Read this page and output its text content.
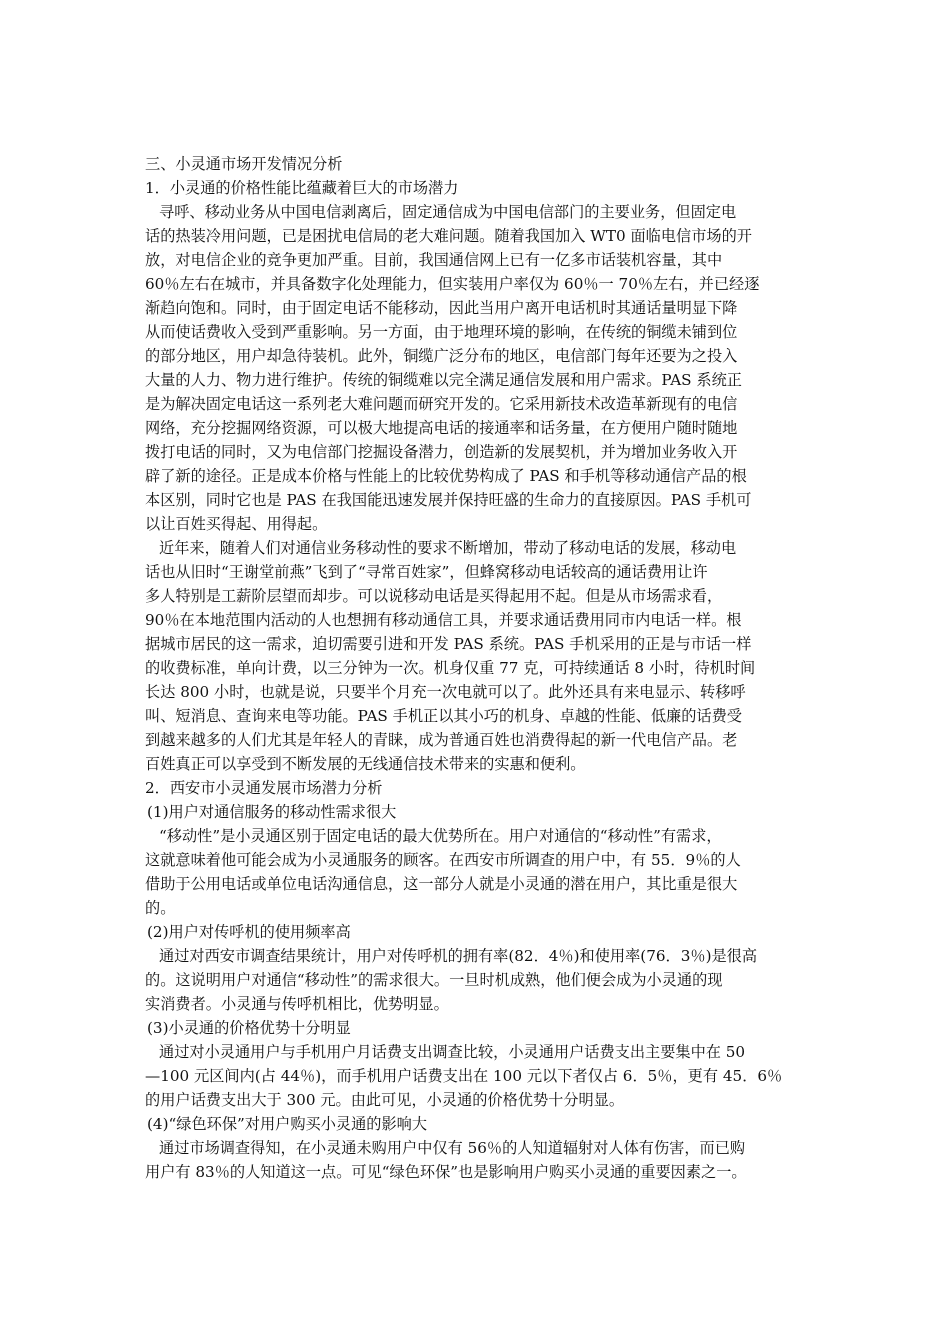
三、小灵通市场开发情况分析
1．小灵通的价格性能比蕴藏着巨大的市场潜力
寻呼、移动业务从中国电信剥离后，固定通信成为中国电信部门的主要业务，但固定电
话的热装冷用问题，已是困扰电信局的老大难问题。随着我国加入 WT0 面临电信市场的开
放，对电信企业的竞争更加严重。目前，我国通信网上已有一亿多市话装机容量，其中
60％左右在城市，并具备数字化处理能力，但实装用户率仅为 60％一 70％左右，并已经逐
渐趋向饱和。同时，由于固定电话不能移动，因此当用户离开电话机时其通话量明显下降
从而使话费收入受到严重影响。另一方面，由于地理环境的影响，在传统的铜缆未铺到位
的部分地区，用户却急待装机。此外，铜缆广泛分布的地区，电信部门每年还要为之投入
大量的人力、物力进行维护。传统的铜缆难以完全满足通信发展和用户需求。PAS 系统正
是为解决固定电话这一系列老大难问题而研究开发的。它采用新技术改造革新现有的电信
网络，充分挖掘网络资源，可以极大地提高电话的接通率和话务量，在方便用户随时随地
拨打电话的同时，又为电信部门挖掘设备潜力，创造新的发展契机，并为增加业务收入开
辟了新的途径。正是成本价格与性能上的比较优势构成了 PAS 和手机等移动通信产品的根
本区别，同时它也是 PAS 在我国能迅速发展并保持旺盛的生命力的直接原因。PAS 手机可
以让百姓买得起、用得起。
近年来，随着人们对通信业务移动性的要求不断增加，带动了移动电话的发展，移动电
话也从旧时“王谢堂前燕”飞到了“寻常百姓家”，但蜂窝移动电话较高的通话费用让许
多人特别是工薪阶层望而却步。可以说移动电话是买得起用不起。但是从市场需求看，
90％在本地范围内活动的人也想拥有移动通信工具，并要求通话费用同市内电话一样。根
据城市居民的这一需求，迫切需要引进和开发 PAS 系统。PAS 手机采用的正是与市话一样
的收费标准，单向计费，以三分钟为一次。机身仅重 77 克，可持续通话 8 小时，待机时间
长达 800 小时，也就是说，只要半个月充一次电就可以了。此外还具有来电显示、转移呼
叫、短消息、查询来电等功能。PAS 手机正以其小巧的机身、卓越的性能、低廉的话费受
到越来越多的人们尤其是年轻人的青睐，成为普通百姓也消费得起的新一代电信产品。老
百姓真正可以享受到不断发展的无线通信技术带来的实惠和便利。
2．西安市小灵通发展市场潜力分析
(1)用户对通信服务的移动性需求很大
“移动性”是小灵通区别于固定电话的最大优势所在。用户对通信的“移动性”有需求，
这就意味着他可能会成为小灵通服务的顾客。在西安市所调查的用户中，有 55．9％的人
借助于公用电话或单位电话沟通信息，这一部分人就是小灵通的潜在用户，其比重是很大
的。
(2)用户对传呼机的使用频率高
通过对西安市调查结果统计，用户对传呼机的拥有率(82．4％)和使用率(76．3％)是很高
的。这说明用户对通信“移动性”的需求很大。一旦时机成熟，他们便会成为小灵通的现
实消费者。小灵通与传呼机相比，优势明显。
(3)小灵通的价格优势十分明显
通过对小灵通用户与手机用户月话费支出调查比较，小灵通用户话费支出主要集中在 50
—100 元区间内(占 44％)，而手机用户话费支出在 100 元以下者仅占 6．5％，更有 45．6％
的用户话费支出大于 300 元。由此可见，小灵通的价格优势十分明显。
(4)“绿色环保”对用户购买小灵通的影响大
通过市场调查得知，在小灵通未购用户中仅有 56％的人知道辐射对人体有伤害，而已购
用户有 83％的人知道这一点。可见“绿色环保”也是影响用户购买小灵通的重要因素之一。
